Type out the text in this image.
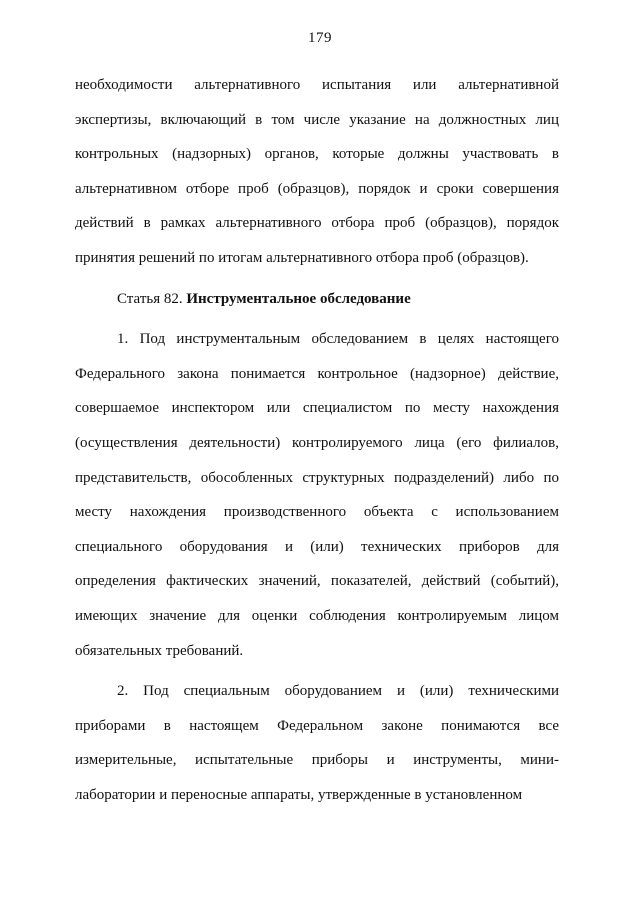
179

необходимости альтернативного испытания или альтернативной экспертизы, включающий в том числе указание на должностных лиц контрольных (надзорных) органов, которые должны участвовать в альтернативном отборе проб (образцов), порядок и сроки совершения действий в рамках альтернативного отбора проб (образцов), порядок принятия решений по итогам альтернативного отбора проб (образцов).

Статья 82. Инструментальное обследование

1. Под инструментальным обследованием в целях настоящего Федерального закона понимается контрольное (надзорное) действие, совершаемое инспектором или специалистом по месту нахождения (осуществления деятельности) контролируемого лица (его филиалов, представительств, обособленных структурных подразделений) либо по месту нахождения производственного объекта с использованием специального оборудования и (или) технических приборов для определения фактических значений, показателей, действий (событий), имеющих значение для оценки соблюдения контролируемым лицом обязательных требований.

2. Под специальным оборудованием и (или) техническими приборами в настоящем Федеральном законе понимаются все измерительные, испытательные приборы и инструменты, мини-лаборатории и переносные аппараты, утвержденные в установленном
